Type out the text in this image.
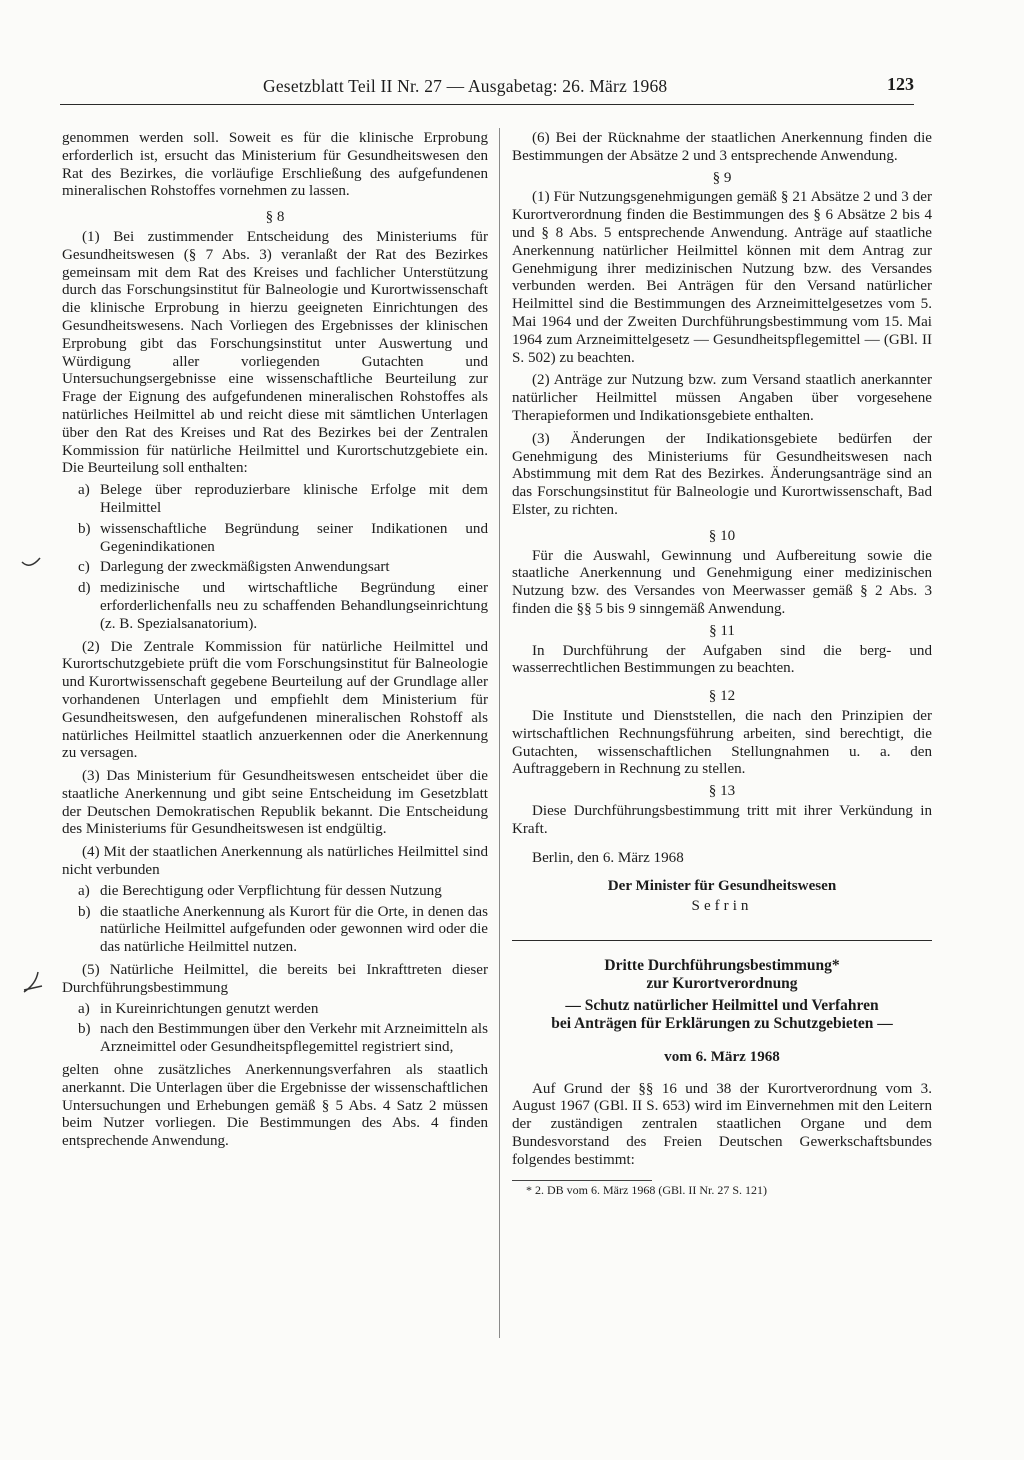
Gesetzblatt Teil II Nr. 27 — Ausgabetag: 26. März 1968	123

genommen werden soll. Soweit es für die klinische Erprobung erforderlich ist, ersucht das Ministerium für Gesundheitswesen den Rat des Bezirkes, die vorläufige Erschließung des aufgefundenen mineralischen Rohstoffes vornehmen zu lassen.

§ 8

(1) Bei zustimmender Entscheidung des Ministeriums für Gesundheitswesen (§ 7 Abs. 3) veranlaßt der Rat des Bezirkes gemeinsam mit dem Rat des Kreises und fachlicher Unterstützung durch das Forschungsinstitut für Balneologie und Kurortwissenschaft die klinische Erprobung in hierzu geeigneten Einrichtungen des Gesundheitswesens. Nach Vorliegen des Ergebnisses der klinischen Erprobung gibt das Forschungsinstitut unter Auswertung und Würdigung aller vorliegenden Gutachten und Untersuchungsergebnisse eine wissenschaftliche Beurteilung zur Frage der Eignung des aufgefundenen mineralischen Rohstoffes als natürliches Heilmittel ab und reicht diese mit sämtlichen Unterlagen über den Rat des Kreises und Rat des Bezirkes bei der Zentralen Kommission für natürliche Heilmittel und Kurortschutzgebiete ein. Die Beurteilung soll enthalten:

a) Belege über reproduzierbare klinische Erfolge mit dem Heilmittel
b) wissenschaftliche Begründung seiner Indikationen und Gegenindikationen
c) Darlegung der zweckmäßigsten Anwendungsart
d) medizinische und wirtschaftliche Begründung einer erforderlichenfalls neu zu schaffenden Behandlungseinrichtung (z. B. Spezialsanatorium).

(2) Die Zentrale Kommission für natürliche Heilmittel und Kurortschutzgebiete prüft die vom Forschungsinstitut für Balneologie und Kurortwissenschaft gegebene Beurteilung auf der Grundlage aller vorhandenen Unterlagen und empfiehlt dem Ministerium für Gesundheitswesen, den aufgefundenen mineralischen Rohstoff als natürliches Heilmittel staatlich anzuerkennen oder die Anerkennung zu versagen.

(3) Das Ministerium für Gesundheitswesen entscheidet über die staatliche Anerkennung und gibt seine Entscheidung im Gesetzblatt der Deutschen Demokratischen Republik bekannt. Die Entscheidung des Ministeriums für Gesundheitswesen ist endgültig.

(4) Mit der staatlichen Anerkennung als natürliches Heilmittel sind nicht verbunden

a) die Berechtigung oder Verpflichtung für dessen Nutzung
b) die staatliche Anerkennung als Kurort für die Orte, in denen das natürliche Heilmittel aufgefunden oder gewonnen wird oder die das natürliche Heilmittel nutzen.

(5) Natürliche Heilmittel, die bereits bei Inkrafttreten dieser Durchführungsbestimmung

a) in Kureinrichtungen genutzt werden
b) nach den Bestimmungen über den Verkehr mit Arzneimitteln als Arzneimittel oder Gesundheitspflegemittel registriert sind,

gelten ohne zusätzliches Anerkennungsverfahren als staatlich anerkannt. Die Unterlagen über die Ergebnisse der wissenschaftlichen Untersuchungen und Erhebungen gemäß § 5 Abs. 4 Satz 2 müssen beim Nutzer vorliegen. Die Bestimmungen des Abs. 4 finden entsprechende Anwendung.

(6) Bei der Rücknahme der staatlichen Anerkennung finden die Bestimmungen der Absätze 2 und 3 entsprechende Anwendung.

§ 9

(1) Für Nutzungsgenehmigungen gemäß § 21 Absätze 2 und 3 der Kurortverordnung finden die Bestimmungen des § 6 Absätze 2 bis 4 und § 8 Abs. 5 entsprechende Anwendung. Anträge auf staatliche Anerkennung natürlicher Heilmittel können mit dem Antrag zur Genehmigung ihrer medizinischen Nutzung bzw. des Versandes verbunden werden. Bei Anträgen für den Versand natürlicher Heilmittel sind die Bestimmungen des Arzneimittelgesetzes vom 5. Mai 1964 und der Zweiten Durchführungsbestimmung vom 15. Mai 1964 zum Arzneimittelgesetz — Gesundheitspflegemittel — (GBl. II S. 502) zu beachten.

(2) Anträge zur Nutzung bzw. zum Versand staatlich anerkannter natürlicher Heilmittel müssen Angaben über vorgesehene Therapieformen und Indikationsgebiete enthalten.

(3) Änderungen der Indikationsgebiete bedürfen der Genehmigung des Ministeriums für Gesundheitswesen nach Abstimmung mit dem Rat des Bezirkes. Änderungsanträge sind an das Forschungsinstitut für Balneologie und Kurortwissenschaft, Bad Elster, zu richten.

§ 10

Für die Auswahl, Gewinnung und Aufbereitung sowie die staatliche Anerkennung und Genehmigung einer medizinischen Nutzung bzw. des Versandes von Meerwasser gemäß § 2 Abs. 3 finden die §§ 5 bis 9 sinngemäß Anwendung.

§ 11

In Durchführung der Aufgaben sind die berg- und wasserrechtlichen Bestimmungen zu beachten.

§ 12

Die Institute und Dienststellen, die nach den Prinzipien der wirtschaftlichen Rechnungsführung arbeiten, sind berechtigt, die Gutachten, wissenschaftlichen Stellungnahmen u. a. den Auftraggebern in Rechnung zu stellen.

§ 13

Diese Durchführungsbestimmung tritt mit ihrer Verkündung in Kraft.

Berlin, den 6. März 1968

Der Minister für Gesundheitswesen

Sefrin

Dritte Durchführungsbestimmung*

zur Kurortverordnung

— Schutz natürlicher Heilmittel und Verfahren

bei Anträgen für Erklärungen zu Schutzgebieten —

vom 6. März 1968

Auf Grund der §§ 16 und 38 der Kurortverordnung vom 3. August 1967 (GBl. II S. 653) wird im Einvernehmen mit den Leitern der zuständigen zentralen staatlichen Organe und dem Bundesvorstand des Freien Deutschen Gewerkschaftsbundes folgendes bestimmt:

* 2. DB vom 6. März 1968 (GBl. II Nr. 27 S. 121)
